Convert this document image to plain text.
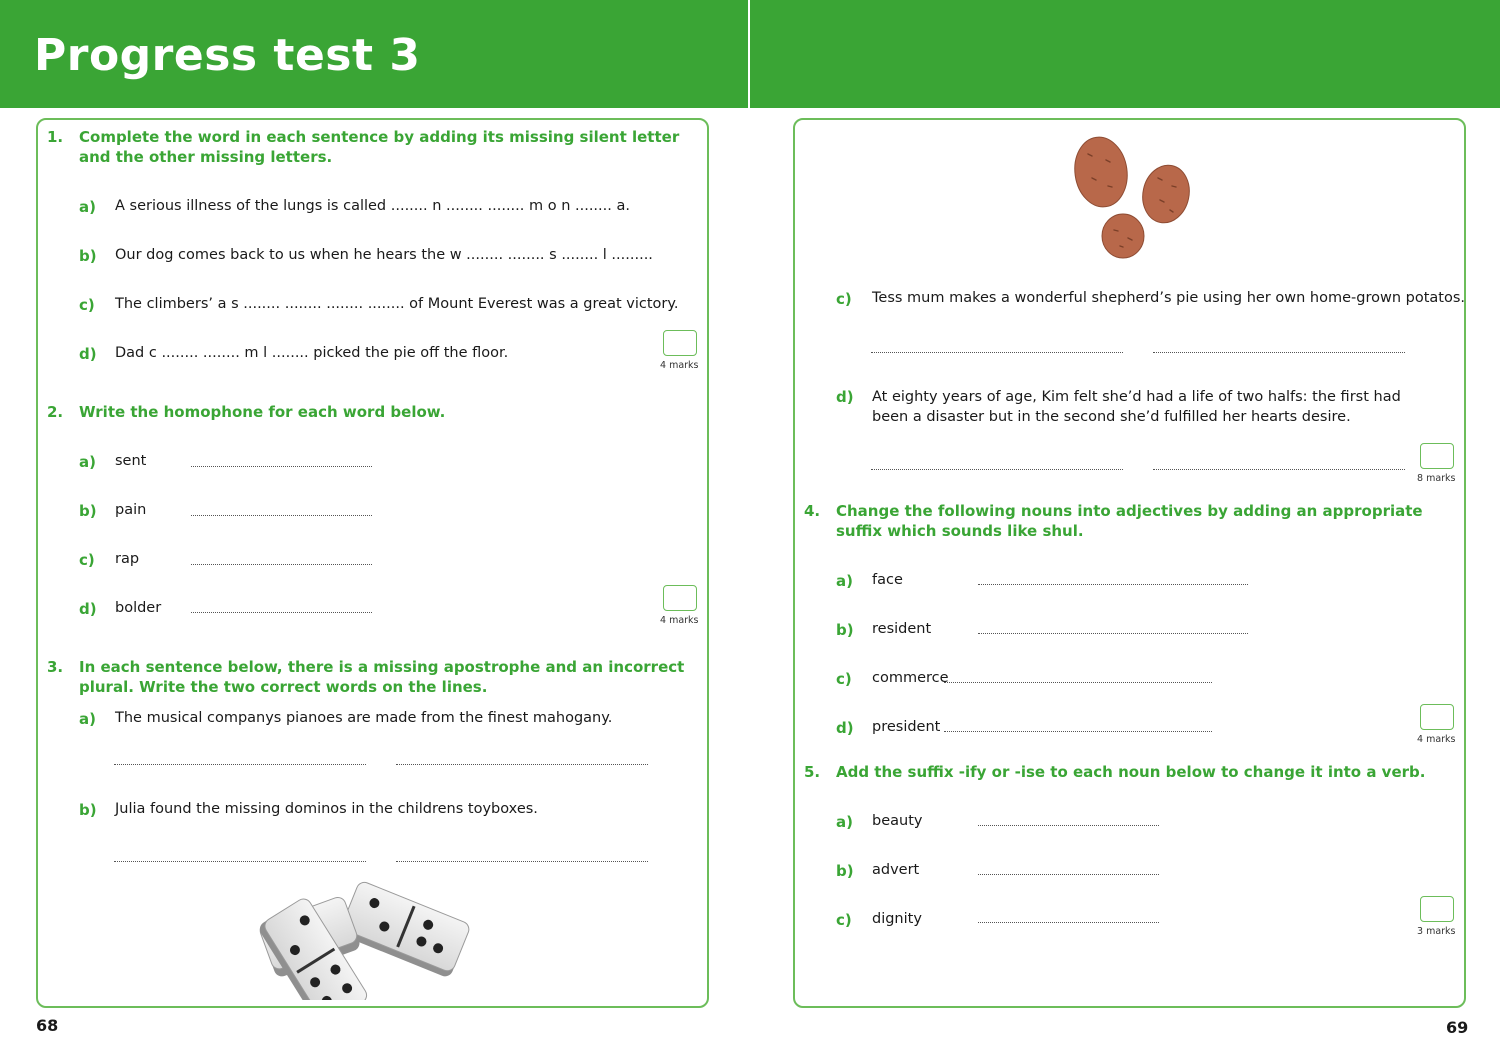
Progress test 3
1. Complete the word in each sentence by adding its missing silent letter and the other missing letters.
a) A serious illness of the lungs is called ........ n ........ ........ m o n ........ a.
b) Our dog comes back to us when he hears the w ........ ........ s ........ l .........
c) The climbers’ a s ........ ........ ........ ........ of Mount Everest was a great victory.
d) Dad c ........ ........ m l ........ picked the pie off the floor.
4 marks
2. Write the homophone for each word below.
a) sent
b) pain
c) rap
d) bolder
4 marks
3. In each sentence below, there is a missing apostrophe and an incorrect plural. Write the two correct words on the lines.
a) The musical companys pianoes are made from the finest mahogany.
b) Julia found the missing dominos in the childrens toyboxes.
68
c) Tess mum makes a wonderful shepherd’s pie using her own home-grown potatos.
d) At eighty years of age, Kim felt she’d had a life of two halfs: the first had been a disaster but in the second she’d fulfilled her hearts desire.
8 marks
4. Change the following nouns into adjectives by adding an appropriate suffix which sounds like shul.
a) face
b) resident
c) commerce
d) president
4 marks
5. Add the suffix -ify or -ise to each noun below to change it into a verb.
a) beauty
b) advert
c) dignity
3 marks
69
